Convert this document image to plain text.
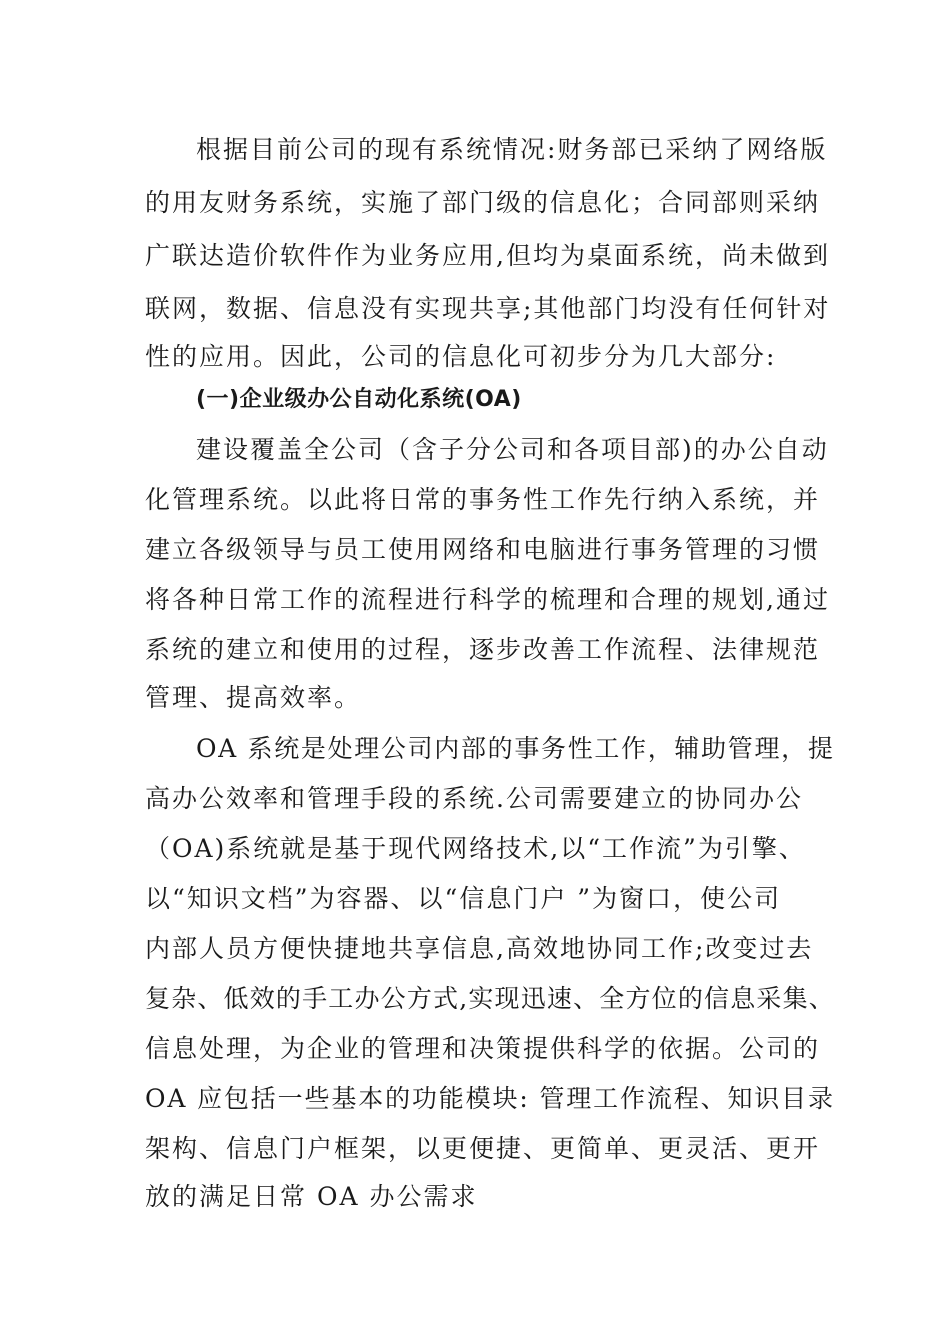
根据目前公司的现有系统情况:财务部已采纳了网络版
的用友财务系统，实施了部门级的信息化；合同部则采纳
广联达造价软件作为业务应用,但均为桌面系统，尚未做到
联网，数据、信息没有实现共享;其他部门均没有任何针对
性的应用。因此，公司的信息化可初步分为几大部分:
(一)企业级办公自动化系统(OA)
建设覆盖全公司（含子分公司和各项目部)的办公自动
化管理系统。以此将日常的事务性工作先行纳入系统，并
建立各级领导与员工使用网络和电脑进行事务管理的习惯
将各种日常工作的流程进行科学的梳理和合理的规划,通过
系统的建立和使用的过程，逐步改善工作流程、法律规范
管理、提高效率。
OA 系统是处理公司内部的事务性工作，辅助管理，提
高办公效率和管理手段的系统.公司需要建立的协同办公
（OA)系统就是基于现代网络技术,以“工作流”为引擎、
以“知识文档”为容器、以“信息门户 ”为窗口，使公司
内部人员方便快捷地共享信息,高效地协同工作;改变过去
复杂、低效的手工办公方式,实现迅速、全方位的信息采集、
信息处理，为企业的管理和决策提供科学的依据。公司的
OA 应包括一些基本的功能模块: 管理工作流程、知识目录
架构、信息门户框架，以更便捷、更简单、更灵活、更开
放的满足日常 OA 办公需求
